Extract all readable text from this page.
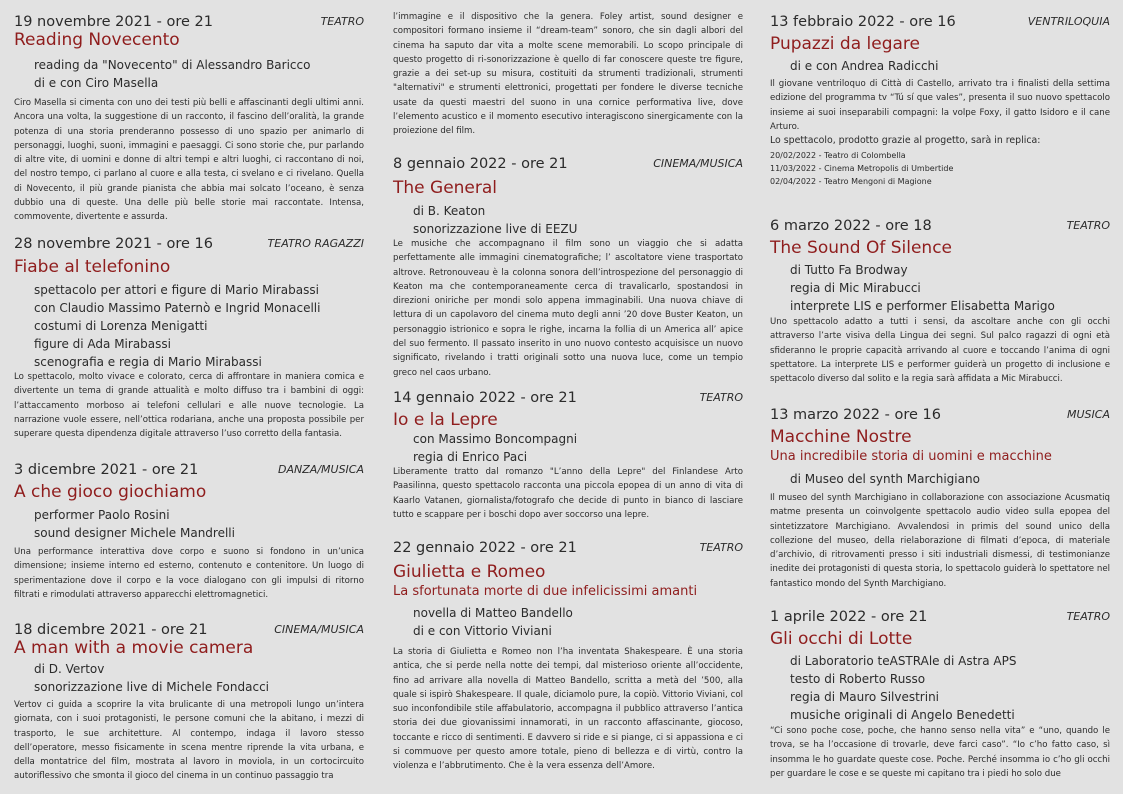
19 novembre 2021 - ore 21	TEATRO
Reading Novecento
reading da "Novecento" di Alessandro Baricco
di e con Ciro Masella
Ciro Masella si cimenta con uno dei testi più belli e affascinanti degli ultimi anni. Ancora una volta, la suggestione di un racconto, il fascino dell’oralità, la grande potenza di una storia prenderanno possesso di uno spazio per animarlo di personaggi, luoghi, suoni, immagini e paesaggi. Ci sono storie che, pur parlando di altre vite, di uomini e donne di altri tempi e altri luoghi, ci raccontano di noi, del nostro tempo, ci parlano al cuore e alla testa, ci svelano e ci rivelano. Quella di Novecento, il più grande pianista che abbia mai solcato l’oceano, è senza dubbio una di queste. Una delle più belle storie mai raccontate. Intensa, commovente, divertente e assurda.
28 novembre 2021 - ore 16	TEATRO RAGAZZI
Fiabe al telefonino
spettacolo per attori e figure di Mario Mirabassi
con Claudio Massimo Paternò e Ingrid Monacelli
costumi di Lorenza Menigatti
figure di Ada Mirabassi
scenografia e regia di Mario Mirabassi
Lo spettacolo, molto vivace e colorato, cerca di affrontare in maniera comica e divertente un tema di grande attualità e molto diffuso tra i bambini di oggi: l’attaccamento morboso ai telefoni cellulari e alle nuove tecnologie. La narrazione vuole essere, nell’ottica rodariana, anche una proposta possibile per superare questa dipendenza digitale attraverso l’uso corretto della fantasia.
3 dicembre 2021 - ore 21	DANZA/MUSICA
A che gioco giochiamo
performer Paolo Rosini
sound designer Michele Mandrelli
Una performance interattiva dove corpo e suono si fondono in un’unica dimensione; insieme interno ed esterno, contenuto e contenitore. Un luogo di sperimentazione dove il corpo e la voce dialogano con gli impulsi di ritorno filtrati e rimodulati attraverso apparecchi elettromagnetici.
18 dicembre 2021 - ore 21	CINEMA/MUSICA
A man with a movie camera
di D. Vertov
sonorizzazione live di Michele Fondacci
Vertov ci guida a scoprire la vita brulicante di una metropoli lungo un’intera giornata, con i suoi protagonisti, le persone comuni che la abitano, i mezzi di trasporto, le sue architetture. Al contempo, indaga il lavoro stesso dell’operatore, messo fisicamente in scena mentre riprende la vita urbana, e della montatrice del film, mostrata al lavoro in moviola, in un cortocircuito autoriflessivo che smonta il gioco del cinema in un continuo passaggio tra
l’immagine e il dispositivo che la genera. Foley artist, sound designer e compositori formano insieme il “dream-team” sonoro, che sin dagli albori del cinema ha saputo dar vita a molte scene memorabili. Lo scopo principale di questo progetto di ri-sonorizzazione è quello di far conoscere queste tre figure, grazie a dei set-up su misura, costituiti da strumenti tradizionali, strumenti "alternativi" e strumenti elettronici, progettati per fondere le diverse tecniche usate da questi maestri del suono in una cornice performativa live, dove l’elemento acustico e il momento esecutivo interagiscono sinergicamente con la proiezione del film.
8 gennaio 2022 - ore 21	CINEMA/MUSICA
The General
di B. Keaton
sonorizzazione live di EEZU
Le musiche che accompagnano il film sono un viaggio che si adatta perfettamente alle immagini cinematografiche; l’ ascoltatore viene trasportato altrove. Retronouveau è la colonna sonora dell’introspezione del personaggio di Keaton ma che contemporaneamente cerca di travalicarlo, spostandosi in direzioni oniriche per mondi solo appena immaginabili. Una nuova chiave di lettura di un capolavoro del cinema muto degli anni ’20 dove Buster Keaton, un personaggio istrionico e sopra le righe, incarna la follia di un America all’ apice del suo fermento. Il passato inserito in uno nuovo contesto acquisisce un nuovo significato, rivelando i tratti originali sotto una nuova luce, come un tempio greco nel caos urbano.
14 gennaio 2022 - ore 21	TEATRO
Io e la Lepre
con Massimo Boncompagni
regia di Enrico Paci
Liberamente tratto dal romanzo "L’anno della Lepre" del Finlandese Arto Paasilinna, questo spettacolo racconta una piccola epopea di un anno di vita di Kaarlo Vatanen, giornalista/fotografo che decide di punto in bianco di lasciare tutto e scappare per i boschi dopo aver soccorso una lepre.
22 gennaio 2022 - ore 21	TEATRO
Giulietta e Romeo
La sfortunata morte di due infelicissimi amanti
novella di Matteo Bandello
di e con Vittorio Viviani
La storia di Giulietta e Romeo non l’ha inventata Shakespeare. È una storia antica, che si perde nella notte dei tempi, dal misterioso oriente all’occidente, fino ad arrivare alla novella di Matteo Bandello, scritta a metà del ’500, alla quale si ispirò Shakespeare. Il quale, diciamolo pure, la copiò. Vittorio Viviani, col suo inconfondibile stile affabulatorio, accompagna il pubblico attraverso l’antica storia dei due giovanissimi innamorati, in un racconto affascinante, giocoso, toccante e ricco di sentimenti. E davvero si ride e si piange, ci si appassiona e ci si commuove per questo amore totale, pieno di bellezza e di virtù, contro la violenza e l’abbrutimento. Che è la vera essenza dell’Amore.
13 febbraio 2022 - ore 16	VENTRILOQUIA
Pupazzi da legare
di e con Andrea Radicchi
Il giovane ventriloquo di Città di Castello, arrivato tra i finalisti della settima edizione del programma tv “Tú sí que vales”, presenta il suo nuovo spettacolo insieme ai suoi inseparabili compagni: la volpe Foxy, il gatto Isidoro e il cane Arturo.
Lo spettacolo, prodotto grazie al progetto, sarà in replica:
20/02/2022 - Teatro di Colombella
11/03/2022 - Cinema Metropolis di Umbertide
02/04/2022 - Teatro Mengoni di Magione
6 marzo 2022 - ore 18	TEATRO
The Sound Of Silence
di Tutto Fa Brodway
regia di Mic Mirabucci
interprete LIS e performer Elisabetta Marigo
Uno spettacolo adatto a tutti i sensi, da ascoltare anche con gli occhi attraverso l’arte visiva della Lingua dei segni. Sul palco ragazzi di ogni età sfideranno le proprie capacità arrivando al cuore e toccando l’anima di ogni spettatore. La interprete LIS e performer guiderà un progetto di inclusione e spettacolo diverso dal solito e la regia sarà affidata a Mic Mirabucci.
13 marzo 2022 - ore 16	MUSICA
Macchine Nostre
Una incredibile storia di uomini e macchine
di Museo del synth Marchigiano
Il museo del synth Marchigiano in collaborazione con associazione Acusmatiq matme presenta un coinvolgente spettacolo audio video sulla epopea del sintetizzatore Marchigiano. Avvalendosi in primis del sound unico della collezione del museo, della rielaborazione di filmati d’epoca, di materiale d’archivio, di ritrovamenti presso i siti industriali dismessi, di testimonianze inedite dei protagonisti di questa storia, lo spettacolo guiderà lo spettatore nel fantastico mondo del Synth Marchigiano.
1 aprile 2022 - ore 21	TEATRO
Gli occhi di Lotte
di Laboratorio teASTRAle di Astra APS
testo di Roberto Russo
regia di Mauro Silvestrini
musiche originali di Angelo Benedetti
“Ci sono poche cose, poche, che hanno senso nella vita” e “uno, quando le trova, se ha l’occasione di trovarle, deve farci caso”. “Io c’ho fatto caso, sì insomma le ho guardate queste cose. Poche. Perché insomma io c’ho gli occhi per guardare le cose e se queste mi capitano tra i piedi ho solo due
